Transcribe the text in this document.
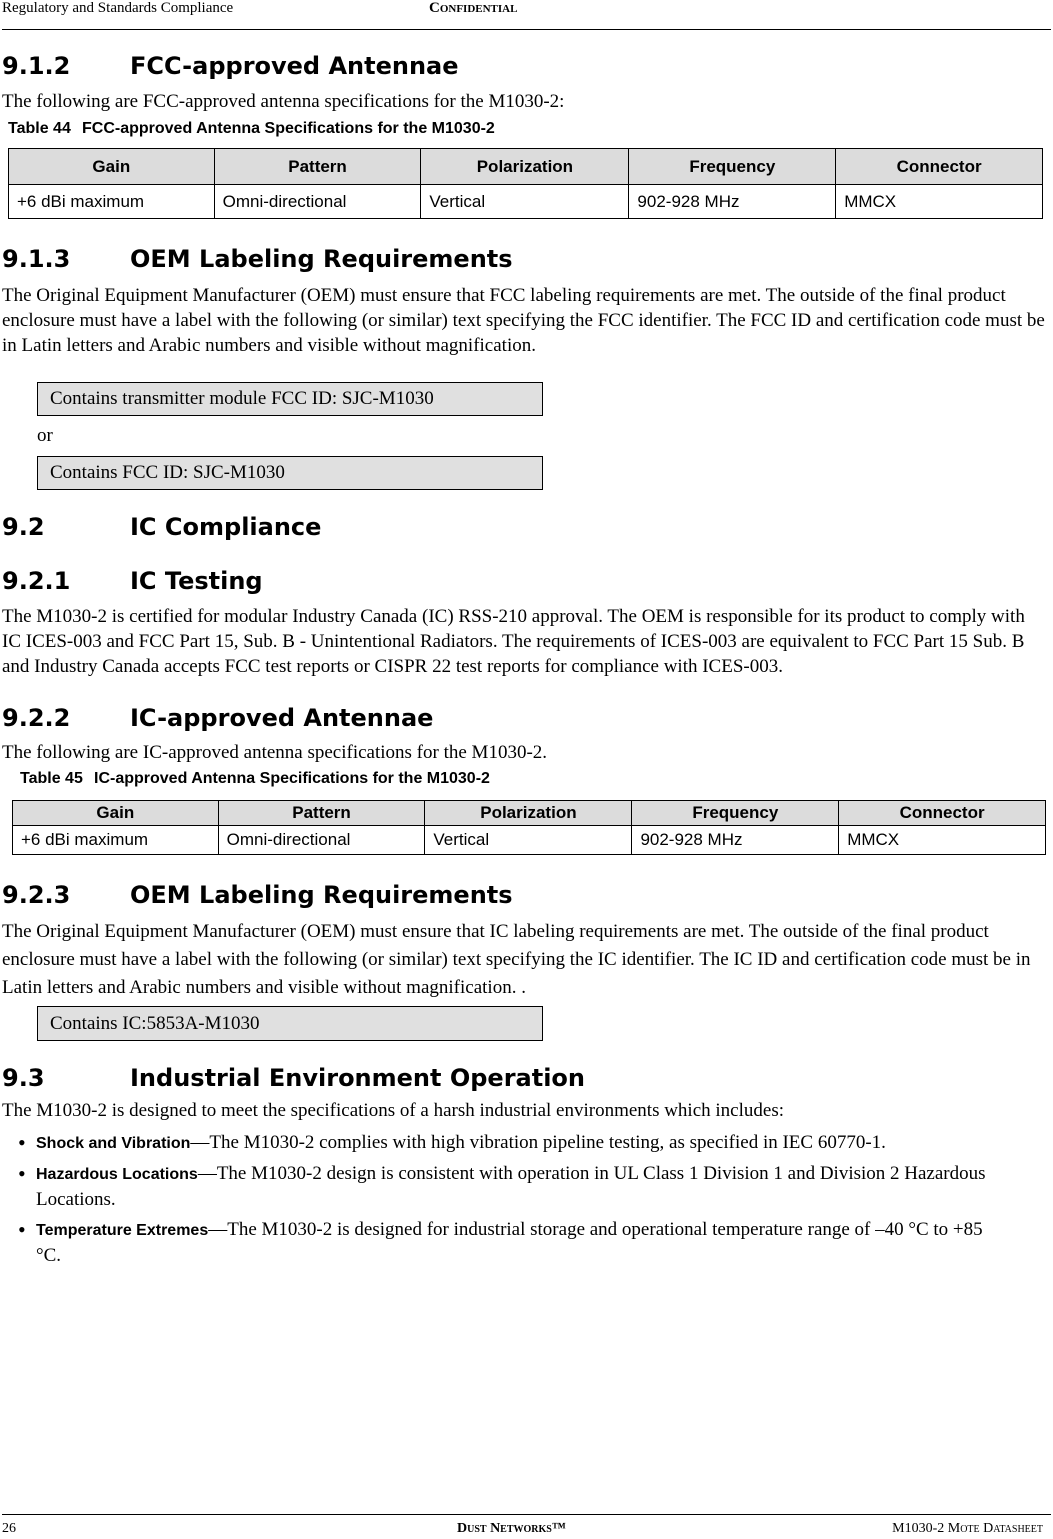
Regulatory and Standards Compliance	Confidential
9.1.2 FCC-approved Antennae
The following are FCC-approved antenna specifications for the M1030-2:
Table 44 FCC-approved Antenna Specifications for the M1030-2
Gain	Pattern	Polarization	Frequency	Connector
+6 dBi maximum	Omni-directional	Vertical	902-928 MHz	MMCX
9.1.3 OEM Labeling Requirements
The Original Equipment Manufacturer (OEM) must ensure that FCC labeling requirements are met. The outside of the final product enclosure must have a label with the following (or similar) text specifying the FCC identifier. The FCC ID and certification code must be in Latin letters and Arabic numbers and visible without magnification.
Contains transmitter module FCC ID: SJC-M1030
or
Contains FCC ID: SJC-M1030
9.2	IC Compliance
9.2.1 IC Testing
The M1030-2 is certified for modular Industry Canada (IC) RSS-210 approval. The OEM is responsible for its product to comply with IC ICES-003 and FCC Part 15, Sub. B - Unintentional Radiators. The requirements of ICES-003 are equivalent to FCC Part 15 Sub. B and Industry Canada accepts FCC test reports or CISPR 22 test reports for compliance with ICES-003.
9.2.2 IC-approved Antennae
The following are IC-approved antenna specifications for the M1030-2.
Table 45 IC-approved Antenna Specifications for the M1030-2
Gain	Pattern	Polarization	Frequency	Connector
+6 dBi maximum	Omni-directional	Vertical	902-928 MHz	MMCX
9.2.3 OEM Labeling Requirements
The Original Equipment Manufacturer (OEM) must ensure that IC labeling requirements are met. The outside of the final product enclosure must have a label with the following (or similar) text specifying the IC identifier. The IC ID and certification code must be in Latin letters and Arabic numbers and visible without magnification. .
Contains IC:5853A-M1030
9.3	Industrial Environment Operation
The M1030-2 is designed to meet the specifications of a harsh industrial environments which includes:
• Shock and Vibration—The M1030-2 complies with high vibration pipeline testing, as specified in IEC 60770-1.
• Hazardous Locations—The M1030-2 design is consistent with operation in UL Class 1 Division 1 and Division 2 Hazardous Locations.
• Temperature Extremes—The M1030-2 is designed for industrial storage and operational temperature range of –40 °C to +85 °C.
26	Dust Networks™	M1030-2 Mote Datasheet
